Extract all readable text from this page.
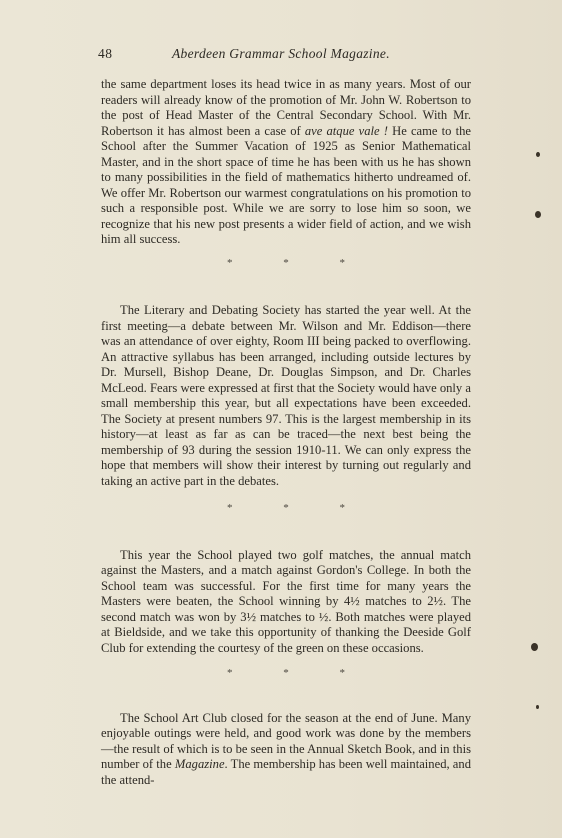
48	Aberdeen Grammar School Magazine.

the same department loses its head twice in as many years. Most of our readers will already know of the promotion of Mr. John W. Robertson to the post of Head Master of the Central Secondary School. With Mr. Robertson it has almost been a case of ave atque vale ! He came to the School after the Summer Vacation of 1925 as Senior Mathematical Master, and in the short space of time he has been with us he has shown to many possibilities in the field of mathematics hitherto undreamed of. We offer Mr. Robertson our warmest congratulations on his promotion to such a responsible post. While we are sorry to lose him so soon, we recognize that his new post presents a wider field of action, and we wish him all success.

* * *

The Literary and Debating Society has started the year well. At the first meeting—a debate between Mr. Wilson and Mr. Eddison—there was an attendance of over eighty, Room III being packed to overflowing. An attractive syllabus has been arranged, including outside lectures by Dr. Mursell, Bishop Deane, Dr. Douglas Simpson, and Dr. Charles McLeod. Fears were expressed at first that the Society would have only a small membership this year, but all expectations have been exceeded. The Society at present numbers 97. This is the largest membership in its history—at least as far as can be traced—the next best being the membership of 93 during the session 1910-11. We can only express the hope that members will show their interest by turning out regularly and taking an active part in the debates.

* * *

This year the School played two golf matches, the annual match against the Masters, and a match against Gordon's College. In both the School team was successful. For the first time for many years the Masters were beaten, the School winning by 4½ matches to 2½. The second match was won by 3½ matches to ½. Both matches were played at Bieldside, and we take this opportunity of thanking the Deeside Golf Club for extending the courtesy of the green on these occasions.

* * *

The School Art Club closed for the season at the end of June. Many enjoyable outings were held, and good work was done by the members—the result of which is to be seen in the Annual Sketch Book, and in this number of the Magazine. The membership has been well maintained, and the attend-
